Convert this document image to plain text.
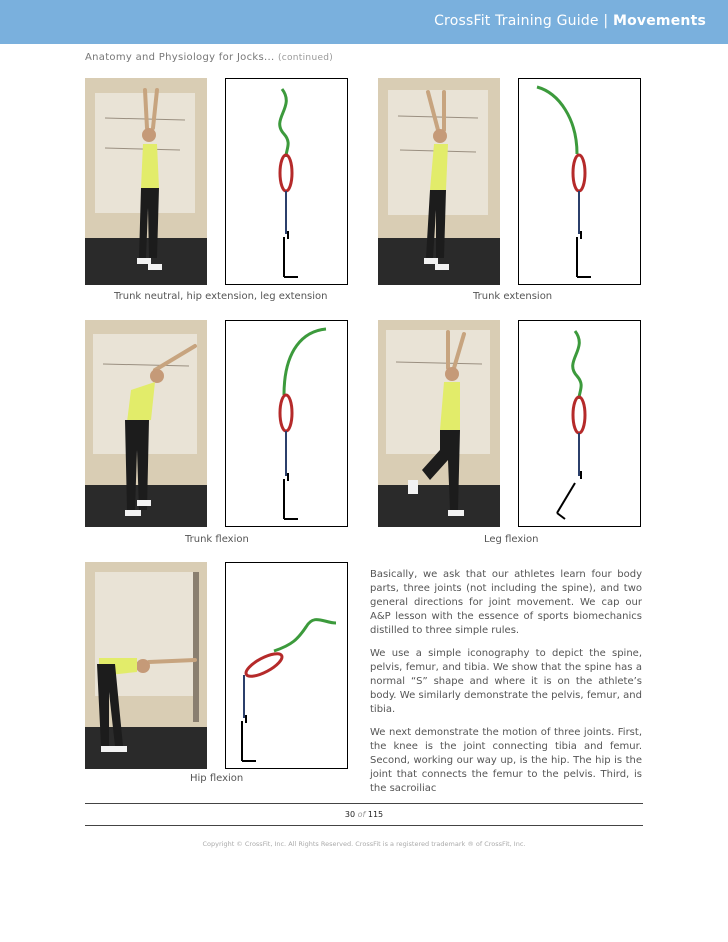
CrossFit Training Guide | Movements
Anatomy and Physiology for Jocks... (continued)
Trunk neutral, hip extension, leg extension	Trunk extension
Trunk flexion	Leg flexion
Hip flexion

Basically, we ask that our athletes learn four body parts, three joints (not including the spine), and two general directions for joint movement. We cap our A&P lesson with the essence of sports biomechanics distilled to three simple rules.

We use a simple iconography to depict the spine, pelvis, femur, and tibia. We show that the spine has a normal “S” shape and where it is on the athlete’s body. We similarly demonstrate the pelvis, femur, and tibia.

We next demonstrate the motion of three joints. First, the knee is the joint connecting tibia and femur. Second, working our way up, is the hip. The hip is the joint that connects the femur to the pelvis. Third, is the sacroiliac

30 of 115
Copyright © CrossFit, Inc. All Rights Reserved. CrossFit is a registered trademark ® of CrossFit, Inc.
